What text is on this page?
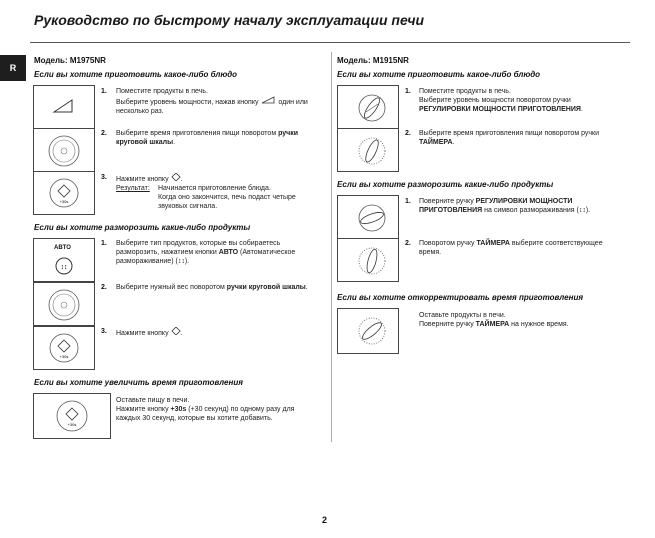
Руководство по быстрому началу эксплуатации печи
R
Модель: M1975NR
Если вы хотите приготовить какое-либо блюдо
1. Поместите продукты в печь.
Выберите уровень мощности, нажав кнопку	один или
несколько раз.
2. Выберите время приготовления пищи поворотом ручки
круговой шкалы.
+30s
3. Нажмите кнопку .
Результат:	Начинается приготовление блюда.
Когда оно закончится, печь подаст четыре
звуковых сигнала.
Если вы хотите разморозить какие-либо продукты
ABTO
↕↕
1. Выберите тип продуктов, которые вы собираетесь
разморозить, нажатием кнопки АВТО (Автоматическое
размораживание) (↕↕).
2. Выберите нужный вес поворотом ручки круговой шкалы.
+30s
3. Нажмите кнопку .
Если вы хотите увеличить время приготовления
+30s
Оставьте пищу в печи.
Нажмите кнопку +30s (+30 секунд) по одному разу для
каждых 30 секунд, которые вы хотите добавить.
Модель: M1915NR
Если вы хотите приготовить какое-либо блюдо
1. Поместите продукты в печь.
Выберите уровень мощности поворотом ручки
РЕГУЛИРОВКИ МОЩНОСТИ ПРИГОТОВЛЕНИЯ.
2. Выберите время приготовления пищи поворотом ручки
ТАЙМЕРА.
Если вы хотите разморозить какие-либо продукты
1. Поверните ручку РЕГУЛИРОВКИ МОЩНОСТИ
ПРИГОТОВЛЕНИЯ на символ размораживания (↕↕).
2. Поворотом ручку ТАЙМЕРА выберите соответствующее
время.
Если вы хотите откорректировать время приготовления
Оставьте продукты в печи.
Поверните ручку ТАЙМЕРА на нужное время.
2
